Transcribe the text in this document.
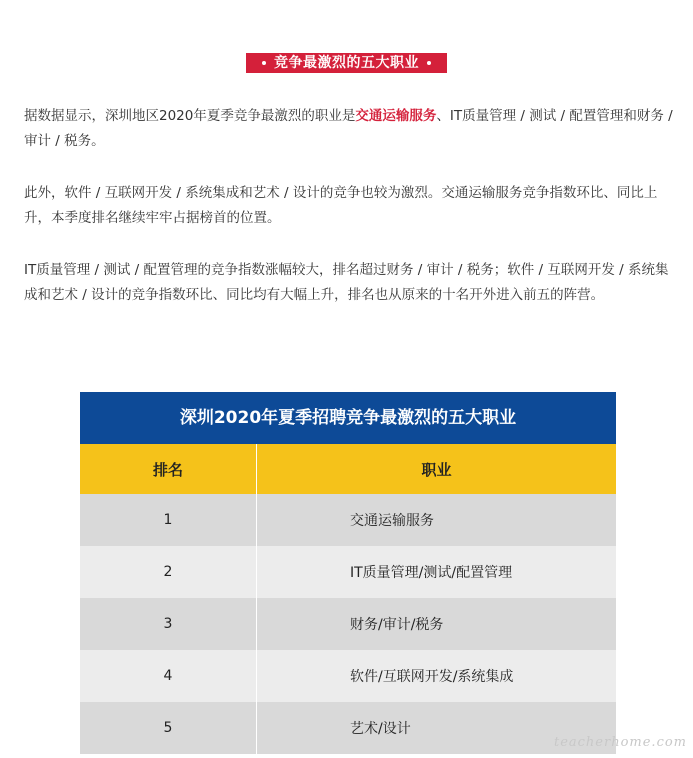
竞争最激烈的五大职业

据数据显示，深圳地区2020年夏季竞争最激烈的职业是交通运输服务、IT质量管理 / 测试 / 配置管理和财务 / 审计 / 税务。

此外，软件 / 互联网开发 / 系统集成和艺术 / 设计的竞争也较为激烈。交通运输服务竞争指数环比、同比上升，本季度排名继续牢牢占据榜首的位置。

IT质量管理 / 测试 / 配置管理的竞争指数涨幅较大，排名超过财务 / 审计 / 税务；软件 / 互联网开发 / 系统集成和艺术 / 设计的竞争指数环比、同比均有大幅上升，排名也从原来的十名开外进入前五的阵营。

深圳2020年夏季招聘竞争最激烈的五大职业
排名	职业
1	交通运输服务
2	IT质量管理/测试/配置管理
3	财务/审计/税务
4	软件/互联网开发/系统集成
5	艺术/设计
teacherhome.com
